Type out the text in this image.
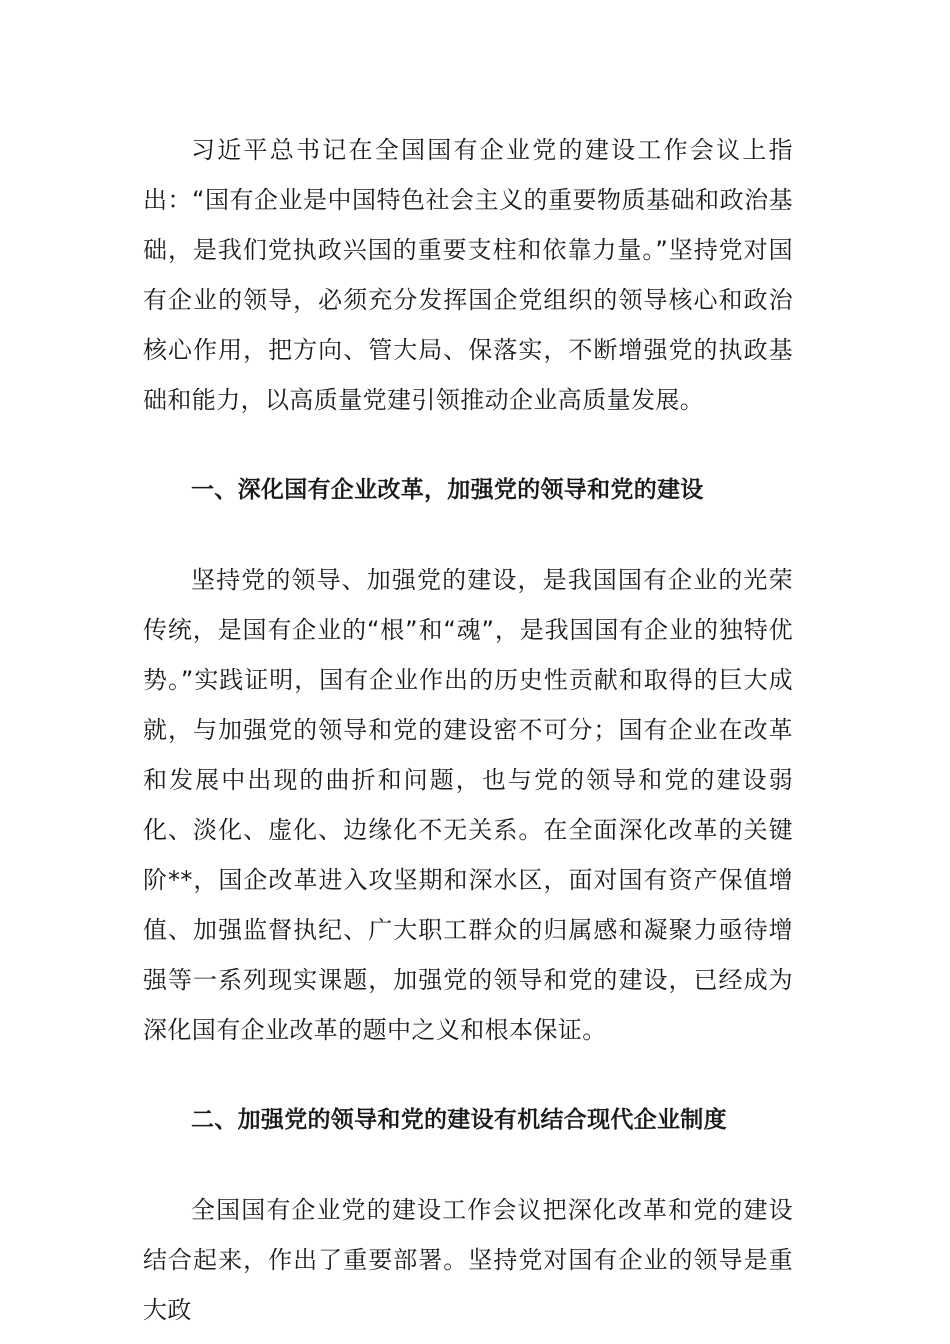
习近平总书记在全国国有企业党的建设工作会议上指出：“国有企业是中国特色社会主义的重要物质基础和政治基础，是我们党执政兴国的重要支柱和依靠力量。”坚持党对国有企业的领导，必须充分发挥国企党组织的领导核心和政治核心作用，把方向、管大局、保落实，不断增强党的执政基础和能力，以高质量党建引领推动企业高质量发展。

一、深化国有企业改革，加强党的领导和党的建设

坚持党的领导、加强党的建设，是我国国有企业的光荣传统，是国有企业的“根”和“魂”，是我国国有企业的独特优势。”实践证明，国有企业作出的历史性贡献和取得的巨大成就，与加强党的领导和党的建设密不可分；国有企业在改革和发展中出现的曲折和问题，也与党的领导和党的建设弱化、淡化、虚化、边缘化不无关系。在全面深化改革的关键阶**，国企改革进入攻坚期和深水区，面对国有资产保值增值、加强监督执纪、广大职工群众的归属感和凝聚力亟待增强等一系列现实课题，加强党的领导和党的建设，已经成为深化国有企业改革的题中之义和根本保证。

二、加强党的领导和党的建设有机结合现代企业制度

全国国有企业党的建设工作会议把深化改革和党的建设结合起来，作出了重要部署。坚持党对国有企业的领导是重大政
